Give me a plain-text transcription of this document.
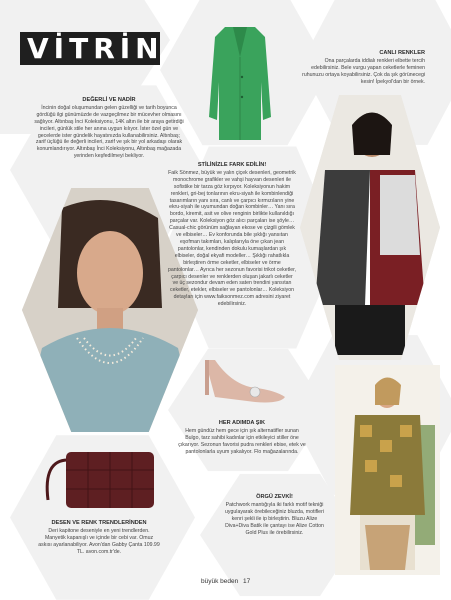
VİTRİN
DEĞERLİ VE NADİR

İncinin doğal oluşumundan gelen güzelliği ve tarih boyunca gördüğü ilgi günümüzde de vazgeçilmez bir mücevher olmasını sağlıyor. Altınbaş İnci Koleksiyonu, 14K altın ile bir araya getirdiği incileri, günlük stile her anına uygun kılıyor. İster özel gün ve gecelerde ister gündelik hayatınızda kullanabilirsiniz. Altınbaş; zarif üçlüğü ile değerli incileri, zarif ve şık bir yol arkadaşı olarak konumlandırıyor. Altınbaş İnci Koleksiyonu, Altınbaş mağazada yerinden keşfedilmeyi bekliyor.

CANLI RENKLER

Ona parçalarda iddialı renkleri elbette tercih edebilirsiniz. Bele vurgu yapan ceketlerle feminen ruhunuzu ortaya koyabilirsiniz. Çok da şık görünecegi kesin! İpekyol'dan bir örnek.

STİLİNİZLE FARK EDİLİN!

Faik Sönmez, büyük ve yalın çiçek desenleri, geometrik monochrome grafikler ve vahşi hayvan desenleri ile sofistike bir tarza göz kırpıyor. Koleksiyonun hakim renkleri, gri-bej tonlarının ekru-siyah ile kombinlendiği tasarımların yanı sıra, canlı ve çarpıcı kırmızıların yine ekru-siyah ile uyumundan doğan kombinler… Yanı sıra bordo, kiremit, asit ve olive renginin birlikte kullanıldığı parçalar var. Koleksiyon göz alıcı parçaları ise şöyle… Casual-chic görünüm sağlayan ekose ve çizgili gömlek ve elbiseler… Ev konforunda bile şıklığı yansıtan eşofman takımları, kalıplarıyla öne çıkan jean pantolonlar, kendinden dokulu kumaşlardan şık elbiseler, doğal ekyafi modeller… Şıklığı rahatlıkla birleştiren örme ceketler, elbiseler ve örme pantolonlar… Ayrıca her sezonun favorisi trikot ceketler, çarpıcı desenler ve renklerden oluşan jakarlı ceketler ve üç sezondur devam eden saten trendini yansıtan ceketler, etekler, elbiseler ve pantolonlar… Koleksiyon detayları için www.faiksonmez.com adresini ziyaret edebilirsiniz.

HER ADIMDA ŞIK

Hem gündüz hem gece için şık alternatifler sunan Bulgo, tarz sahibi kadınlar için etkileyici stiller öne çıkarıyor. Sezonun favorisi pudra renkleri ebise, etek ve pantolonlarla uyum yakalıyor. Flo mağazalarında.

DESEN VE RENK TRENDLERİNDEN

Deri kapitone deseniyle en yeni trendlerden. Manyetik kapanışlı ve içinde bir cebi var. Omuz askısı ayarlanabiliyor. Avon'dan Gabby Çanta 109.99 TL. avon.com.tr'de.

ÖRGÜ ZEVKİ!

Patchwork mantığıyla iki farklı motif tekniği uygulayarak örebileceğiniz bluzda, motifleri kenri şekli ile ip birleştirin. Bluzu Alize Diva+Diva Batik ile çantayı ise Alize Cotton Gold Plus ile örebilirsiniz.

büyük beden 17
